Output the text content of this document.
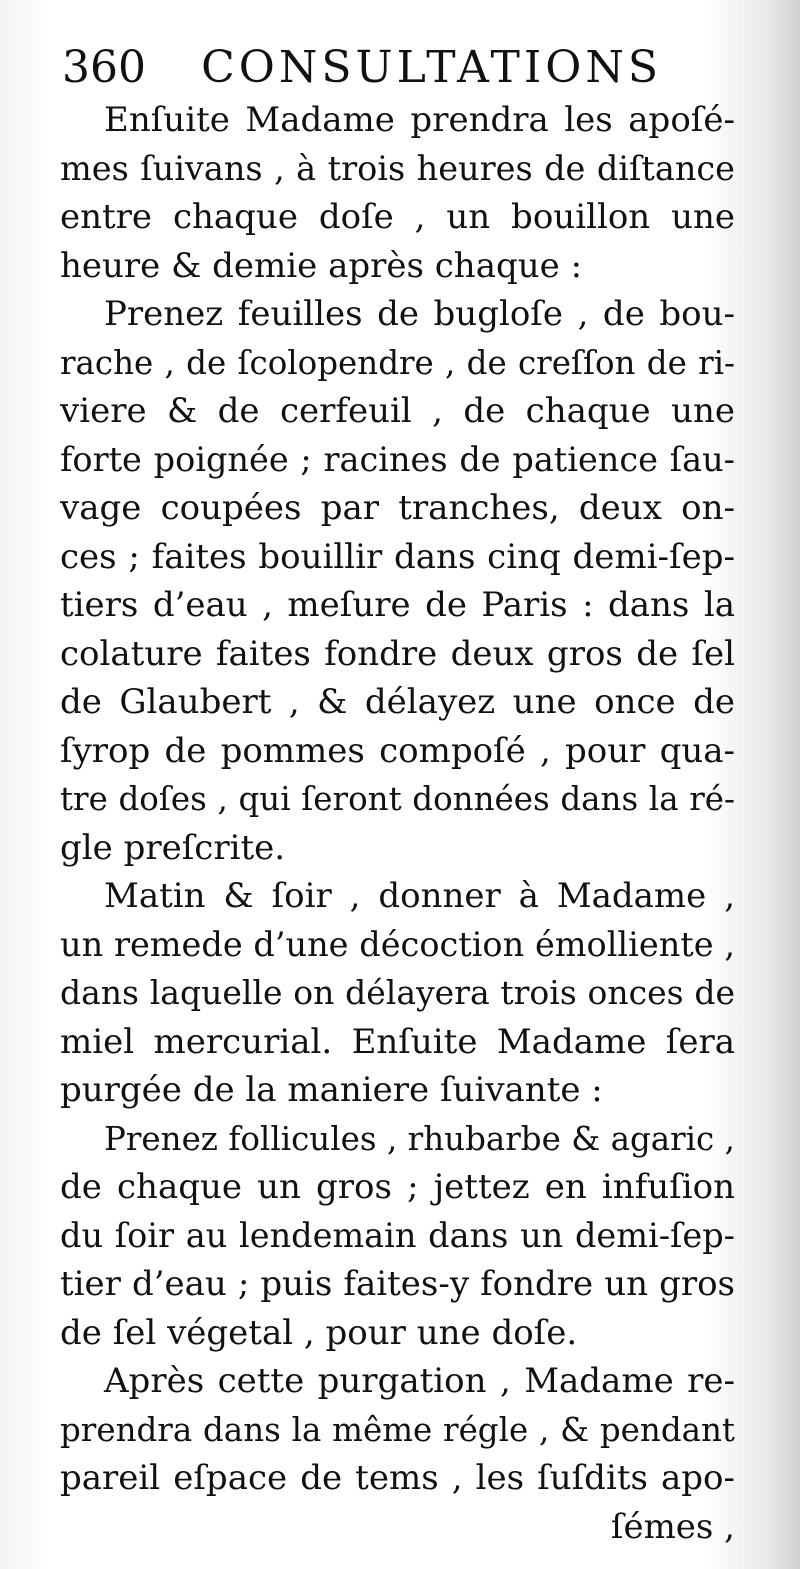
360	CONSULTATIONS
Enſuite Madame prendra les apoſé-
mes ſuivans , à trois heures de diſtance
entre chaque doſe , un bouillon une
heure & demie après chaque :
Prenez feuilles de bugloſe , de bou-
rache , de ſcolopendre , de creſſon de ri-
viere & de cerfeuil , de chaque une
forte poignée ; racines de patience ſau-
vage coupées par tranches, deux on-
ces ; faites bouillir dans cinq demi-ſep-
tiers d’eau , meſure de Paris : dans la
colature faites fondre deux gros de ſel
de Glaubert , & délayez une once de
ſyrop de pommes compoſé , pour qua-
tre doſes , qui ſeront données dans la ré-
gle preſcrite.
Matin & ſoir , donner à Madame ,
un remede d’une décoction émolliente ,
dans laquelle on délayera trois onces de
miel mercurial. Enſuite Madame ſera
purgée de la maniere ſuivante :
Prenez follicules , rhubarbe & agaric ,
de chaque un gros ; jettez en infuſion
du ſoir au lendemain dans un demi-ſep-
tier d’eau ; puis faites-y fondre un gros
de ſel végetal , pour une doſe.
Après cette purgation , Madame re-
prendra dans la même régle , & pendant
pareil eſpace de tems , les ſuſdits apo-
ſémes ,
